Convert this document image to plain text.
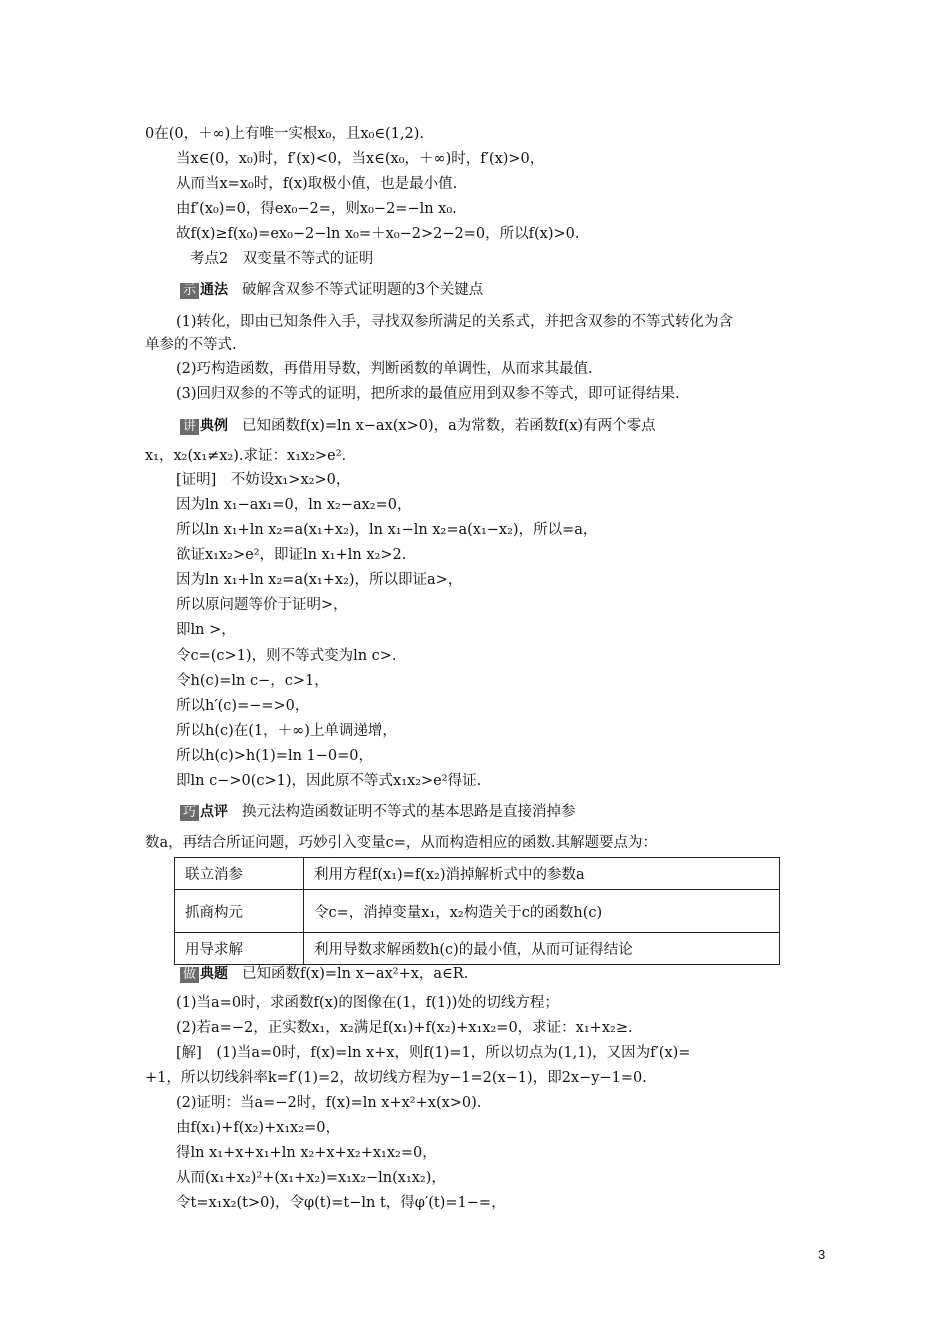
0在(0，＋∞)上有唯一实根x₀，且x₀∈(1,2).
当x∈(0，x₀)时，f′(x)<0，当x∈(x₀，＋∞)时，f′(x)>0，
从而当x=x₀时，f(x)取极小值，也是最小值.
由f′(x₀)=0，得ex₀−2=，则x₀−2=−ln x₀.
故f(x)≥f(x₀)=ex₀−2−ln x₀=＋x₀−2>2−2=0，所以f(x)>0.
考点2　双变量不等式的证明
示 通法 破解含双参不等式证明题的3个关键点
(1)转化，即由已知条件入手，寻找双参所满足的关系式，并把含双参的不等式转化为含
单参的不等式.
(2)巧构造函数，再借用导数，判断函数的单调性，从而求其最值.
(3)回归双参的不等式的证明，把所求的最值应用到双参不等式，即可证得结果.
讲 典例 已知函数f(x)=ln x−ax(x>0)，a为常数，若函数f(x)有两个零点
x₁，x₂(x₁≠x₂).求证：x₁x₂>e².
[证明]　不妨设x₁>x₂>0，
因为ln x₁−ax₁=0，ln x₂−ax₂=0，
所以ln x₁+ln x₂=a(x₁+x₂)，ln x₁−ln x₂=a(x₁−x₂)，所以=a，
欲证x₁x₂>e²，即证ln x₁+ln x₂>2.
因为ln x₁+ln x₂=a(x₁+x₂)，所以即证a>，
所以原问题等价于证明>，
即ln >，
令c=(c>1)，则不等式变为ln c>.
令h(c)=ln c−，c>1，
所以h′(c)=−=>0，
所以h(c)在(1，＋∞)上单调递增，
所以h(c)>h(1)=ln 1−0=0，
即ln c−>0(c>1)，因此原不等式x₁x₂>e²得证.
巧 点评 换元法构造函数证明不等式的基本思路是直接消掉参
数a，再结合所证问题，巧妙引入变量c=，从而构造相应的函数.其解题要点为：
联立消参	利用方程f(x₁)=f(x₂)消掉解析式中的参数a
抓商构元	令c=，消掉变量x₁，x₂构造关于c的函数h(c)
用导求解	利用导数求解函数h(c)的最小值，从而可证得结论
做 典题 已知函数f(x)=ln x−ax²+x，a∈R.
(1)当a=0时，求函数f(x)的图像在(1，f(1))处的切线方程；
(2)若a=−2，正实数x₁，x₂满足f(x₁)+f(x₂)+x₁x₂=0，求证：x₁+x₂≥.
[解]　(1)当a=0时，f(x)=ln x+x，则f(1)=1，所以切点为(1,1)，又因为f′(x)=
+1，所以切线斜率k=f′(1)=2，故切线方程为y−1=2(x−1)，即2x−y−1=0.
(2)证明：当a=−2时，f(x)=ln x+x²+x(x>0).
由f(x₁)+f(x₂)+x₁x₂=0，
得ln x₁+x+x₁+ln x₂+x+x₂+x₁x₂=0，
从而(x₁+x₂)²+(x₁+x₂)=x₁x₂−ln(x₁x₂)，
令t=x₁x₂(t>0)，令φ(t)=t−ln t，得φ′(t)=1−=，
3
